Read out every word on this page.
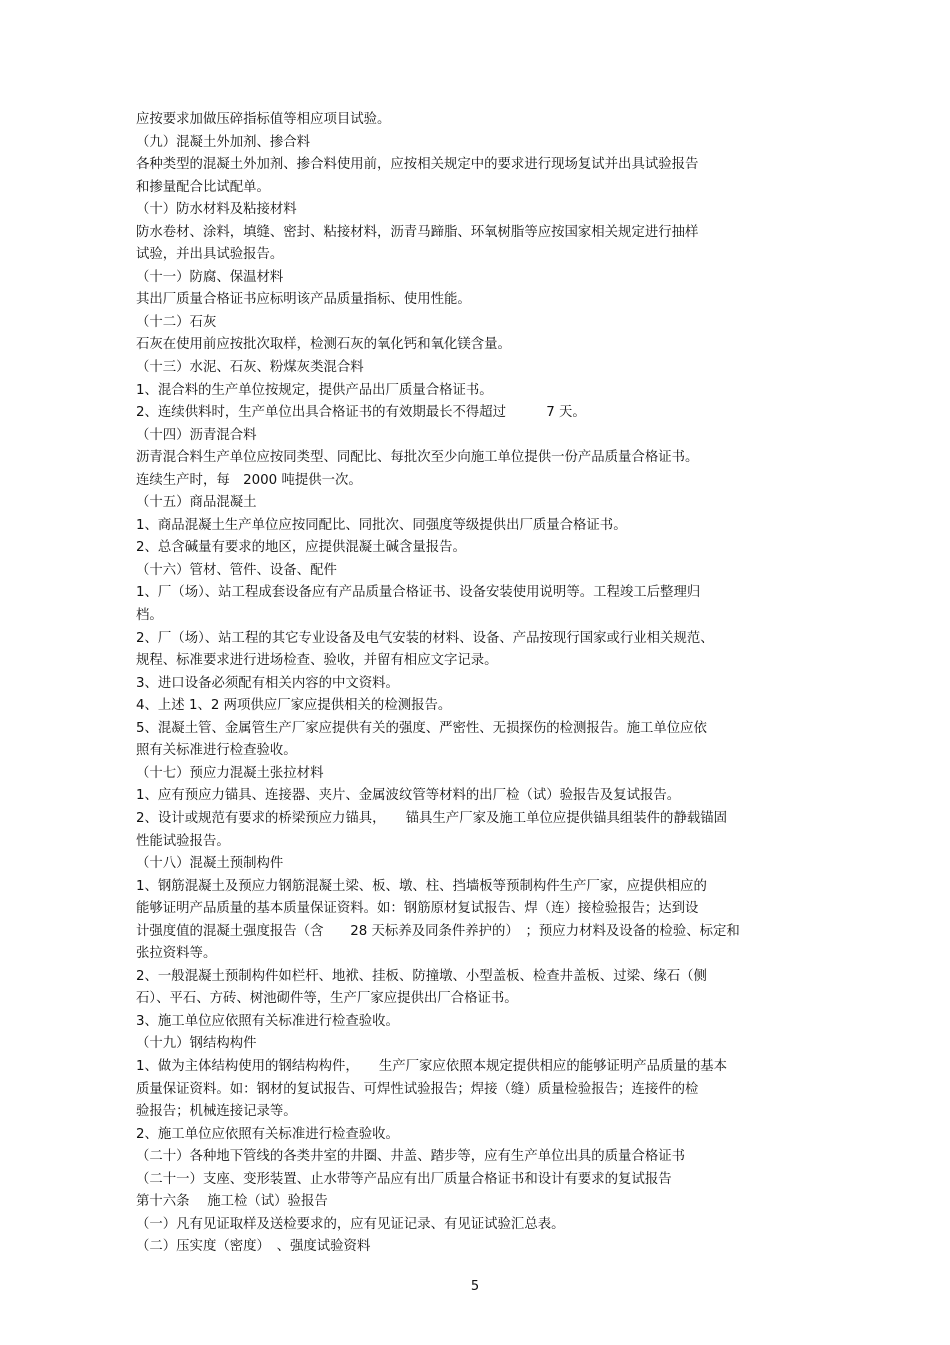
应按要求加做压碎指标值等相应项目试验。
（九）混凝土外加剂、掺合料
各种类型的混凝土外加剂、掺合料使用前，应按相关规定中的要求进行现场复试并出具试验报告
和掺量配合比试配单。
（十）防水材料及粘接材料
防水卷材、涂料，填缝、密封、粘接材料，沥青马蹄脂、环氧树脂等应按国家相关规定进行抽样
试验，并出具试验报告。
（十一）防腐、保温材料
其出厂质量合格证书应标明该产品质量指标、使用性能。
（十二）石灰
石灰在使用前应按批次取样，检测石灰的氧化钙和氧化镁含量。
（十三）水泥、石灰、粉煤灰类混合料
1、混合料的生产单位按规定，提供产品出厂质量合格证书。
2、连续供料时，生产单位出具合格证书的有效期最长不得超过　　　7 天。
（十四）沥青混合料
沥青混合料生产单位应按同类型、同配比、每批次至少向施工单位提供一份产品质量合格证书。
连续生产时，每　2000 吨提供一次。
（十五）商品混凝土
1、商品混凝土生产单位应按同配比、同批次、同强度等级提供出厂质量合格证书。
2、总含碱量有要求的地区，应提供混凝土碱含量报告。
（十六）管材、管件、设备、配件
1、厂（场）、站工程成套设备应有产品质量合格证书、设备安装使用说明等。工程竣工后整理归
档。
2、厂（场）、站工程的其它专业设备及电气安装的材料、设备、产品按现行国家或行业相关规范、
规程、标准要求进行进场检查、验收，并留有相应文字记录。
3、进口设备必须配有相关内容的中文资料。
4、上述 1、2 两项供应厂家应提供相关的检测报告。
5、混凝土管、金属管生产厂家应提供有关的强度、严密性、无损探伤的检测报告。施工单位应依
照有关标准进行检查验收。
（十七）预应力混凝土张拉材料
1、应有预应力锚具、连接器、夹片、金属波纹管等材料的出厂检（试）验报告及复试报告。
2、设计或规范有要求的桥梁预应力锚具，　　锚具生产厂家及施工单位应提供锚具组装件的静载锚固
性能试验报告。
（十八）混凝土预制构件
1、钢筋混凝土及预应力钢筋混凝土梁、板、墩、柱、挡墙板等预制构件生产厂家，应提供相应的
能够证明产品质量的基本质量保证资料。如：钢筋原材复试报告、焊（连）接检验报告；达到设
计强度值的混凝土强度报告（含　　28 天标养及同条件养护的）　；预应力材料及设备的检验、标定和
张拉资料等。
2、一般混凝土预制构件如栏杆、地袱、挂板、防撞墩、小型盖板、检查井盖板、过梁、缘石（侧
石）、平石、方砖、树池砌件等，生产厂家应提供出厂合格证书。
3、施工单位应依照有关标准进行检查验收。
（十九）钢结构构件
1、做为主体结构使用的钢结构构件，　　生产厂家应依照本规定提供相应的能够证明产品质量的基本
质量保证资料。如：钢材的复试报告、可焊性试验报告；焊接（缝）质量检验报告；连接件的检
验报告；机械连接记录等。
2、施工单位应依照有关标准进行检查验收。
（二十）各种地下管线的各类井室的井圈、井盖、踏步等，应有生产单位出具的质量合格证书
（二十一）支座、变形装置、止水带等产品应有出厂质量合格证书和设计有要求的复试报告
第十六条　 施工检（试）验报告
（一）凡有见证取样及送检要求的，应有见证记录、有见证试验汇总表。
（二）压实度（密度）　、强度试验资料
5
